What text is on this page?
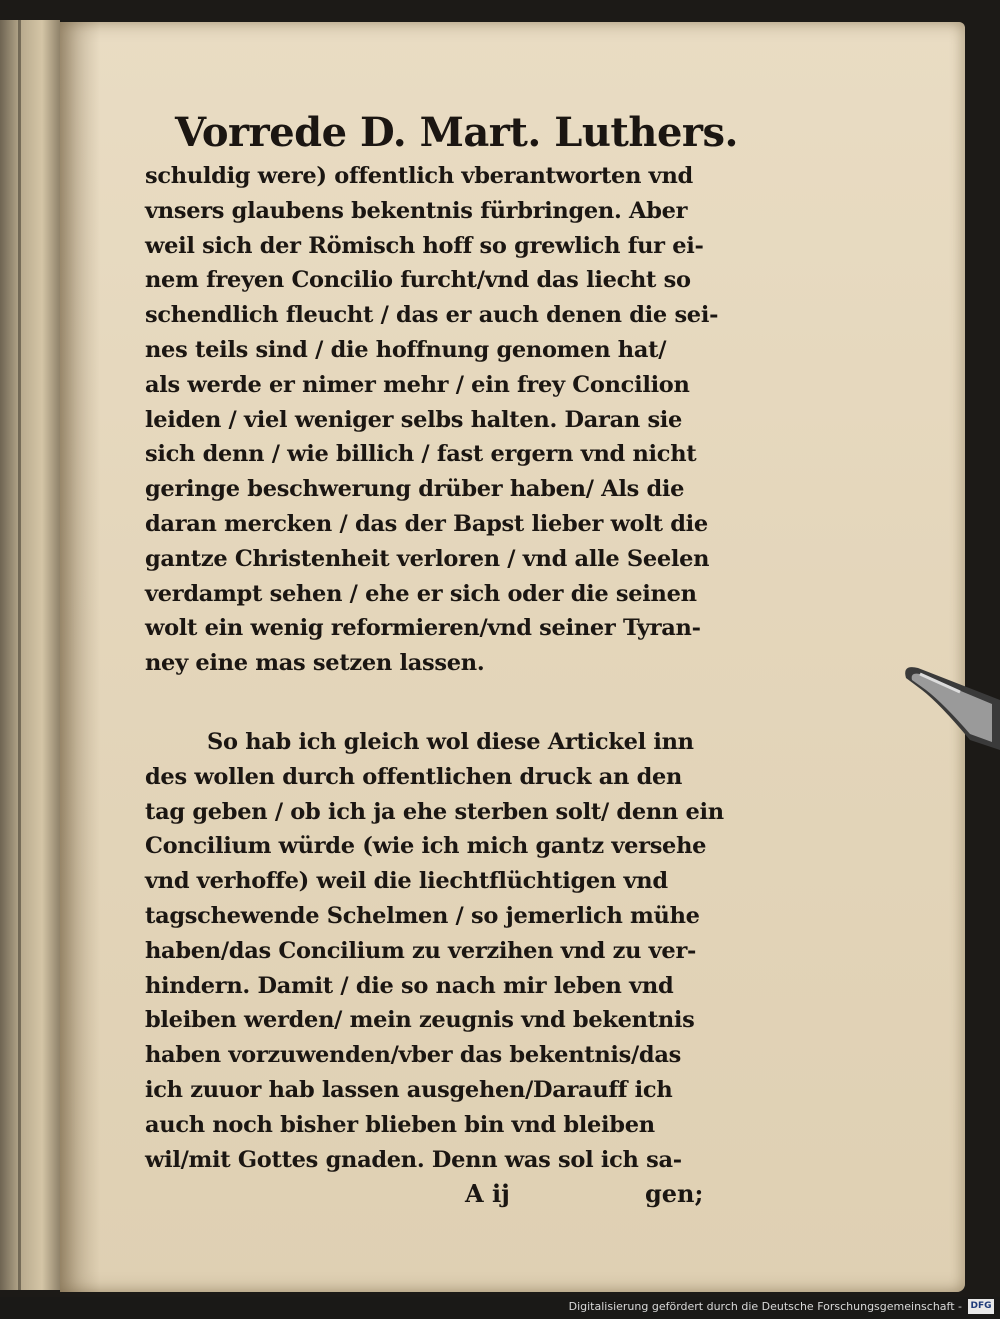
Vorrede D. Mart. Luthers.
schuldig were) offentlich vberantworten vnd
vnsers glaubens bekentnis fürbringen. Aber
weil sich der Römisch hoff so grewlich fur ei-
nem freyen Concilio furcht/vnd das liecht so
schendlich fleucht / das er auch denen die sei-
nes teils sind / die hoffnung genomen hat/
als werde er nimer mehr / ein frey Concilion
leiden / viel weniger selbs halten. Daran sie
sich denn / wie billich / fast ergern vnd nicht
geringe beschwerung drüber haben/ Als die
daran mercken / das der Bapst lieber wolt die
gantze Christenheit verloren / vnd alle Seelen
verdampt sehen / ehe er sich oder die seinen
wolt ein wenig reformieren/vnd seiner Tyran-
ney eine mas setzen lassen.
So hab ich gleich wol diese Artickel inn
des wollen durch offentlichen druck an den
tag geben / ob ich ja ehe sterben solt/ denn ein
Concilium würde (wie ich mich gantz versehe
vnd verhoffe) weil die liechtflüchtigen vnd
tagschewende Schelmen / so jemerlich mühe
haben/das Concilium zu verzihen vnd zu ver-
hindern. Damit / die so nach mir leben vnd
bleiben werden/ mein zeugnis vnd bekentnis
haben vorzuwenden/vber das bekentnis/das
ich zuuor hab lassen ausgehen/Darauff ich
auch noch bisher blieben bin vnd bleiben
wil/mit Gottes gnaden. Denn was sol ich sa-
A ij	gen;
Digitalisierung gefördert durch die Deutsche Forschungsgemeinschaft - DFG
